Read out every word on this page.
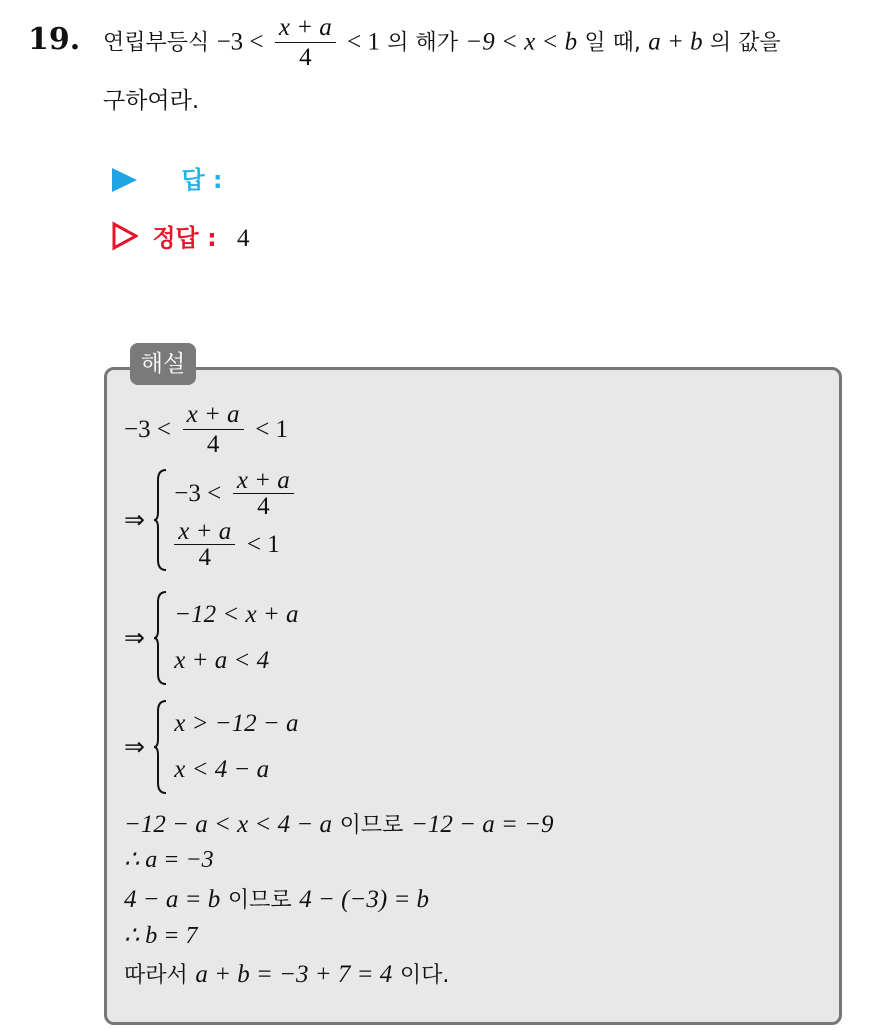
19. 연립부등식 $-3 < \frac{x + a}{4} < 1$ 의 해가 −9 < x < b 일 때, a + b 의 값을
구하여라.
답 :
정답 : 4
해설
$-3 < \frac{x + a}{4} < 1$
⇒
$-3 < \frac{x + a}{4}$
$\frac{x + a}{4} < 1$
⇒
−12 < x + a
x + a < 4
⇒
x > −12 − a
x < 4 − a
−12 − a < x < 4 − a 이므로 −12 − a = −9
∴ a = −3
4 − a = b 이므로 4 − (−3) = b
∴ b = 7
따라서 a + b = −3 + 7 = 4 이다.
